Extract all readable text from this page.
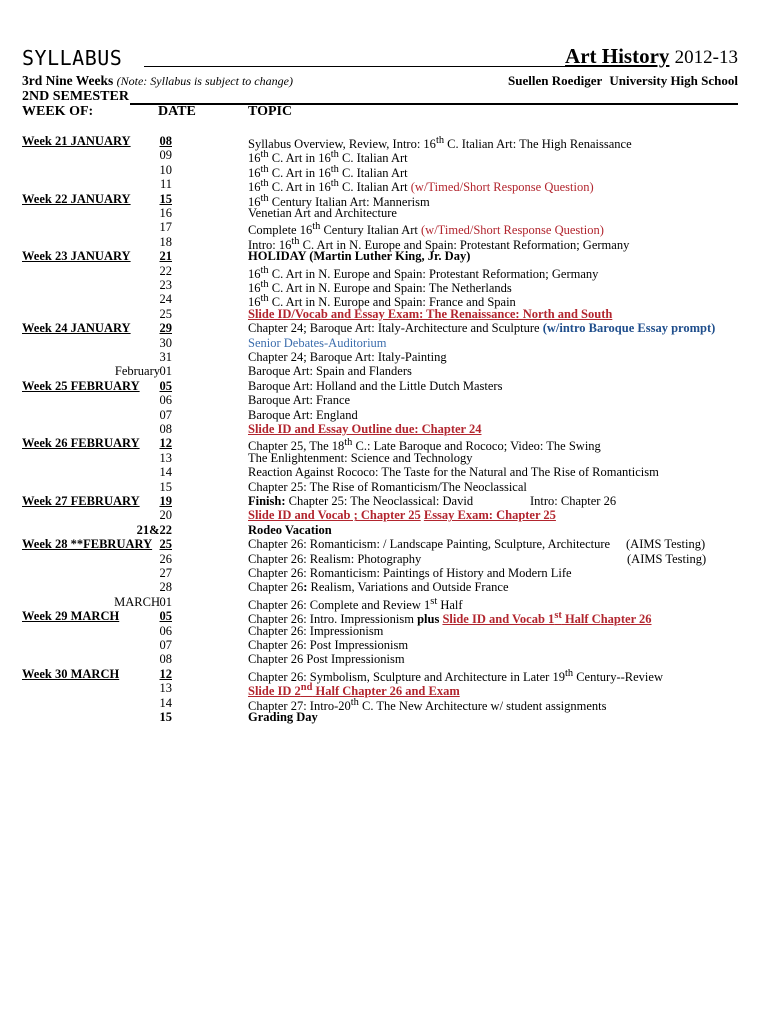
SYLLABUS	Art History 2012-13
3rd Nine Weeks (Note: Syllabus is subject to change)	Suellen Roediger University High School
2ND SEMESTER
WEEK OF:	DATE	TOPIC
Week 21 JANUARY 08	Syllabus Overview, Review, Intro: 16th C. Italian Art: The High Renaissance
09	16th C. Art in 16th C. Italian Art
10	16th C. Art in 16th C. Italian Art
11	16th C. Art in 16th C. Italian Art (w/Timed/Short Response Question)
Week 22 JANUARY 15	16th Century Italian Art: Mannerism
16	Venetian Art and Architecture
17	Complete 16th Century Italian Art (w/Timed/Short Response Question)
18	Intro: 16th C. Art in N. Europe and Spain: Protestant Reformation; Germany
Week 23 JANUARY 21	HOLIDAY (Martin Luther King, Jr. Day)
22	16th C. Art in N. Europe and Spain: Protestant Reformation; Germany
23	16th C. Art in N. Europe and Spain: The Netherlands
24	16th C. Art in N. Europe and Spain: France and Spain
25	Slide ID/Vocab and Essay Exam: The Renaissance: North and South
Week 24 JANUARY 29	Chapter 24; Baroque Art: Italy-Architecture and Sculpture (w/intro Baroque Essay prompt)
30	Senior Debates-Auditorium
31	Chapter 24; Baroque Art: Italy-Painting
February 01	Baroque Art: Spain and Flanders
Week 25 FEBRUARY 05	Baroque Art: Holland and the Little Dutch Masters
06	Baroque Art: France
07	Baroque Art: England
08	Slide ID and Essay Outline due: Chapter 24
Week 26 FEBRUARY 12	Chapter 25, The 18th C.: Late Baroque and Rococo; Video: The Swing
13	The Enlightenment: Science and Technology
14	Reaction Against Rococo: The Taste for the Natural and The Rise of Romanticism
15	Chapter 25: The Rise of Romanticism/The Neoclassical
Week 27 FEBRUARY 19	Finish: Chapter 25: The Neoclassical: David	Intro: Chapter 26
20	Slide ID and Vocab ; Chapter 25 Essay Exam: Chapter 25
21&22	Rodeo Vacation
Week 28 **FEBRUARY 25	Chapter 26: Romanticism: / Landscape Painting, Sculpture, Architecture (AIMS Testing)
26	Chapter 26: Realism: Photography	(AIMS Testing)
27	Chapter 26: Romanticism: Paintings of History and Modern Life
28	Chapter 26: Realism, Variations and Outside France
MARCH 01	Chapter 26: Complete and Review 1st Half
Week 29 MARCH	05	Chapter 26: Intro. Impressionism plus Slide ID and Vocab 1st Half Chapter 26
06	Chapter 26: Impressionism
07	Chapter 26: Post Impressionism
08	Chapter 26 Post Impressionism
Week 30 MARCH	12	Chapter 26: Symbolism, Sculpture and Architecture in Later 19th Century--Review
13	Slide ID 2nd Half Chapter 26 and Exam
14	Chapter 27: Intro-20th C. The New Architecture w/ student assignments
15	Grading Day
